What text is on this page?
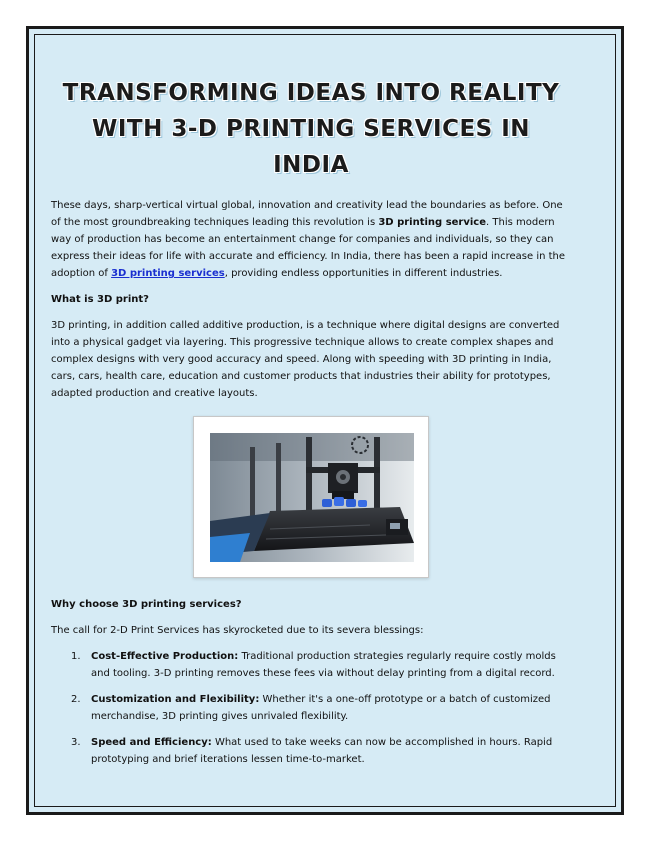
TRANSFORMING IDEAS INTO REALITY
WITH 3-D PRINTING SERVICES IN INDIA

These days, sharp-vertical virtual global, innovation and creativity lead the boundaries as before. One of the most groundbreaking techniques leading this revolution is 3D printing service. This modern way of production has become an entertainment change for companies and individuals, so they can express their ideas for life with accurate and efficiency. In India, there has been a rapid increase in the adoption of 3D printing services, providing endless opportunities in different industries.

What is 3D print?

3D printing, in addition called additive production, is a technique where digital designs are converted into a physical gadget via layering. This progressive technique allows to create complex shapes and complex designs with very good accuracy and speed. Along with speeding with 3D printing in India, cars, cars, health care, education and customer products that industries their ability for prototypes, adapted production and creative layouts.

Why choose 3D printing services?

The call for 2-D Print Services has skyrocketed due to its severa blessings:

1. Cost-Effective Production: Traditional production strategies regularly require costly molds and tooling. 3-D printing removes these fees via without delay printing from a digital record.
2. Customization and Flexibility: Whether it's a one-off prototype or a batch of customized merchandise, 3D printing gives unrivaled flexibility.
3. Speed and Efficiency: What used to take weeks can now be accomplished in hours. Rapid prototyping and brief iterations lessen time-to-market.
